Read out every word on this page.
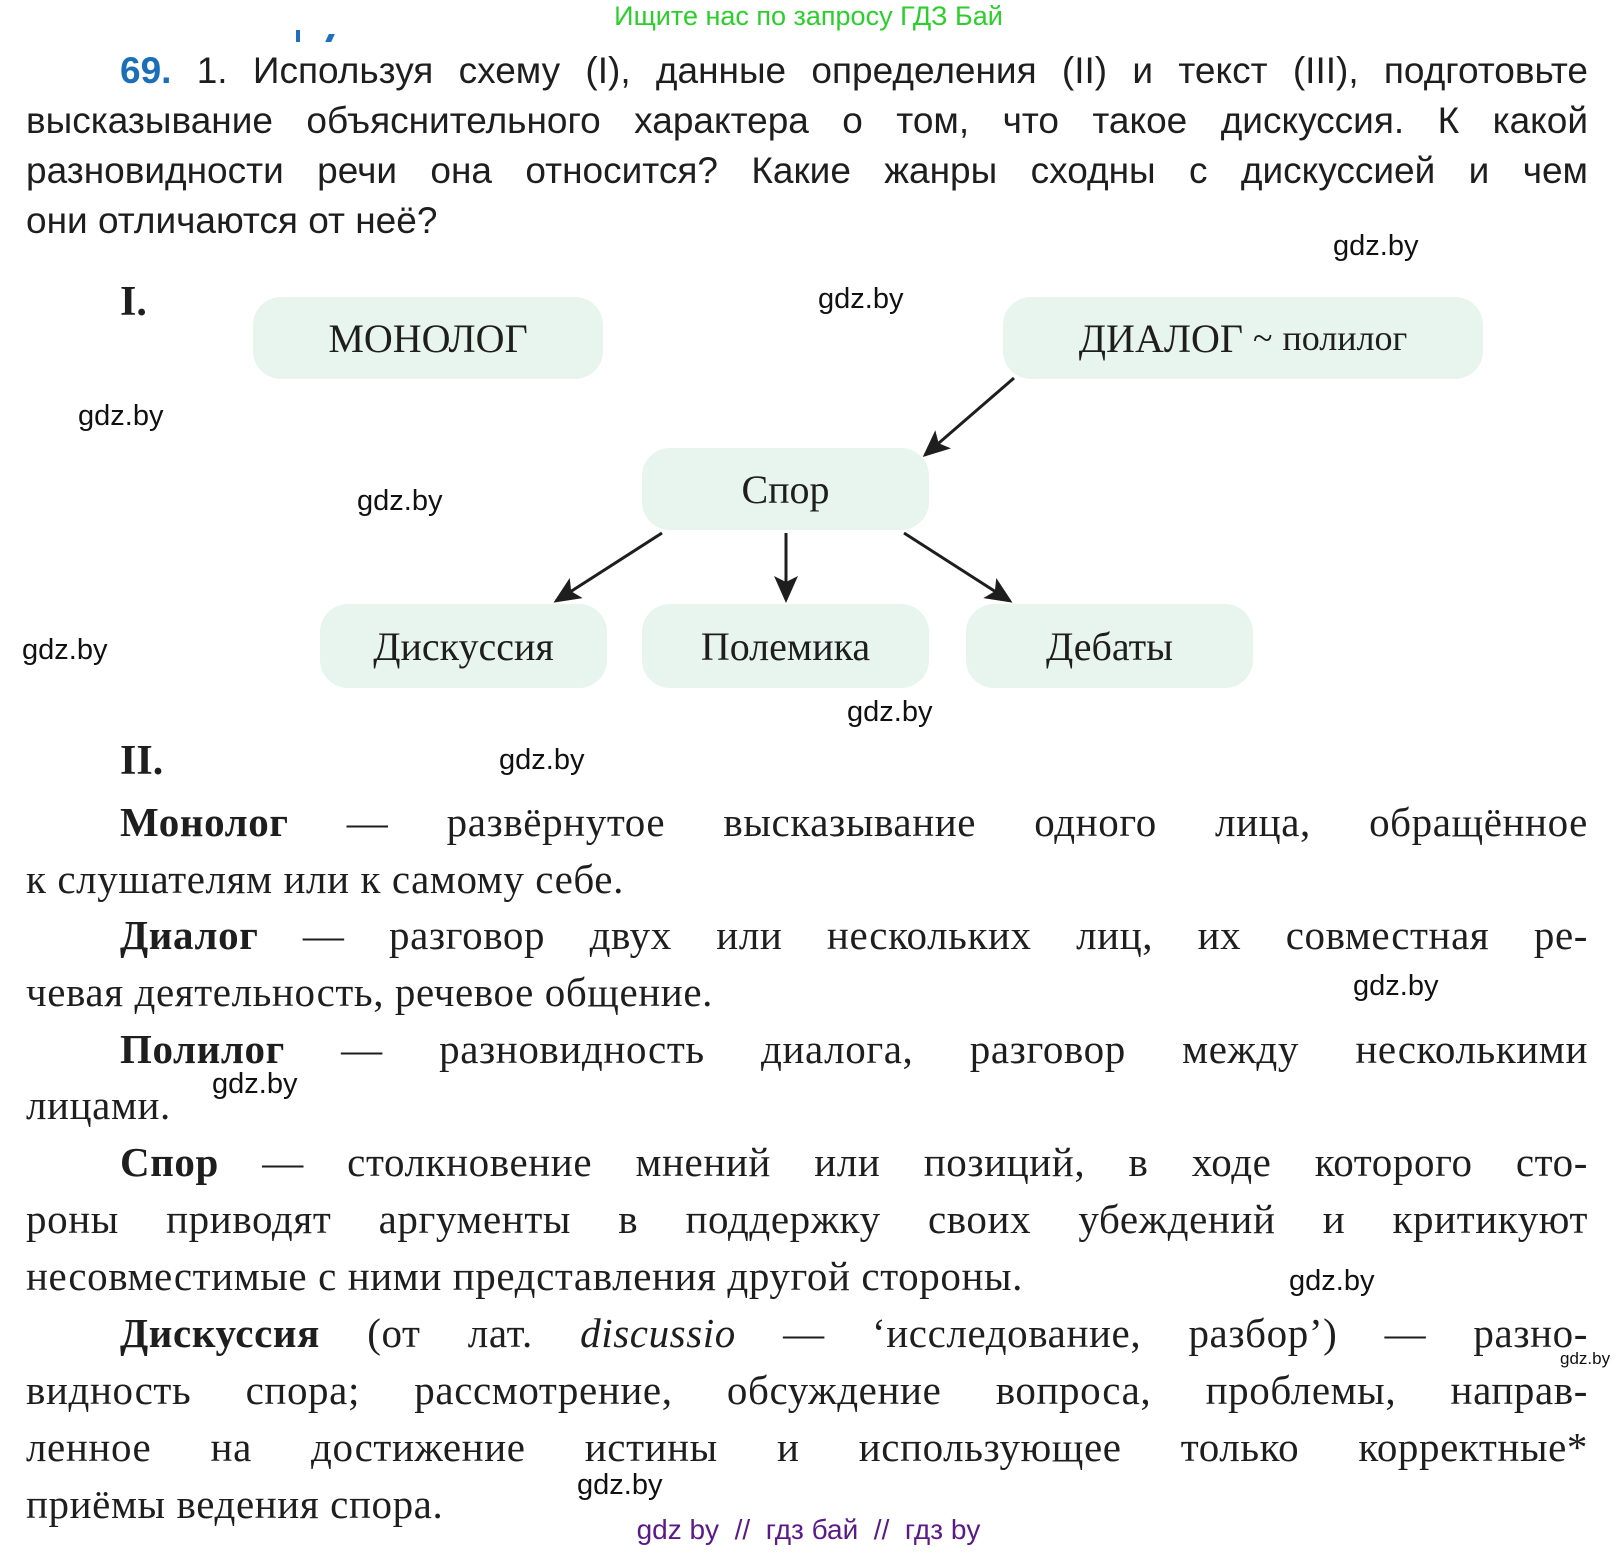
Ищите нас по запросу ГДЗ Бай
69. 1. Используя схему (I), данные определения (II) и текст (III), подготовьте
высказывание объяснительного характера о том, что такое дискуссия. К какой
разновидности речи она относится? Какие жанры сходны с дискуссией и чем
они отличаются от неё?
I.
МОНОЛОГ	ДИАЛОГ ~ полилог
Спор
Дискуссия	Полемика	Дебаты
II.
Монолог — развёрнутое высказывание одного лица, обращённое
к слушателям или к самому себе.
Диалог — разговор двух или нескольких лиц, их совместная ре-
чевая деятельность, речевое общение.
Полилог — разновидность диалога, разговор между несколькими
лицами.
Спор — столкновение мнений или позиций, в ходе которого сто-
роны приводят аргументы в поддержку своих убеждений и критикуют
несовместимые с ними представления другой стороны.
Дискуссия (от лат. discussio — ‘исследование, разбор’) — разно-
видность спора; рассмотрение, обсуждение вопроса, проблемы, направ-
ленное на достижение истины и использующее только корректные*
приёмы ведения спора.
gdz.by
gdz.by
gdz.by
gdz.by
gdz.by
gdz.by
gdz.by
gdz.by
gdz.by
gdz.by
gdz.by
gdz.by
gdz by  //  гдз бай  //  гдз by
